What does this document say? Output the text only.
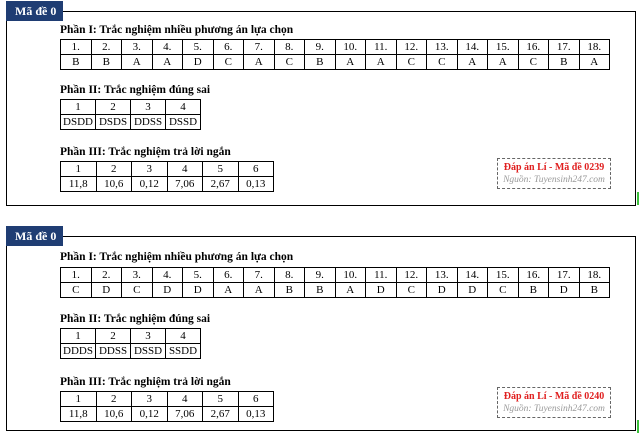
Mã đề 0
Phần I: Trắc nghiệm nhiều phương án lựa chọn
1.	2.	3.	4.	5.	6.	7.	8.	9.	10.	11.	12.	13.	14.	15.	16.	17.	18.
B	B	A	A	D	C	A	C	B	A	A	C	C	A	A	C	B	A
Phần II: Trắc nghiệm đúng sai
1	2	3	4
DSDD	DSDS	DDSS	DSSD
Phần III: Trắc nghiệm trả lời ngắn
1	2	3	4	5	6
11,8	10,6	0,12	7,06	2,67	0,13
Đáp án Lí - Mã đề 0239
Nguồn: Tuyensinh247.com
Mã đề 0
Phần I: Trắc nghiệm nhiều phương án lựa chọn
1.	2.	3.	4.	5.	6.	7.	8.	9.	10.	11.	12.	13.	14.	15.	16.	17.	18.
C	D	C	D	D	A	A	B	B	A	D	C	D	D	C	B	D	B
Phần II: Trắc nghiệm đúng sai
1	2	3	4
DDDS	DDSS	DSSD	SSDD
Phần III: Trắc nghiệm trả lời ngắn
1	2	3	4	5	6
11,8	10,6	0,12	7,06	2,67	0,13
Đáp án Lí - Mã đề 0240
Nguồn: Tuyensinh247.com
